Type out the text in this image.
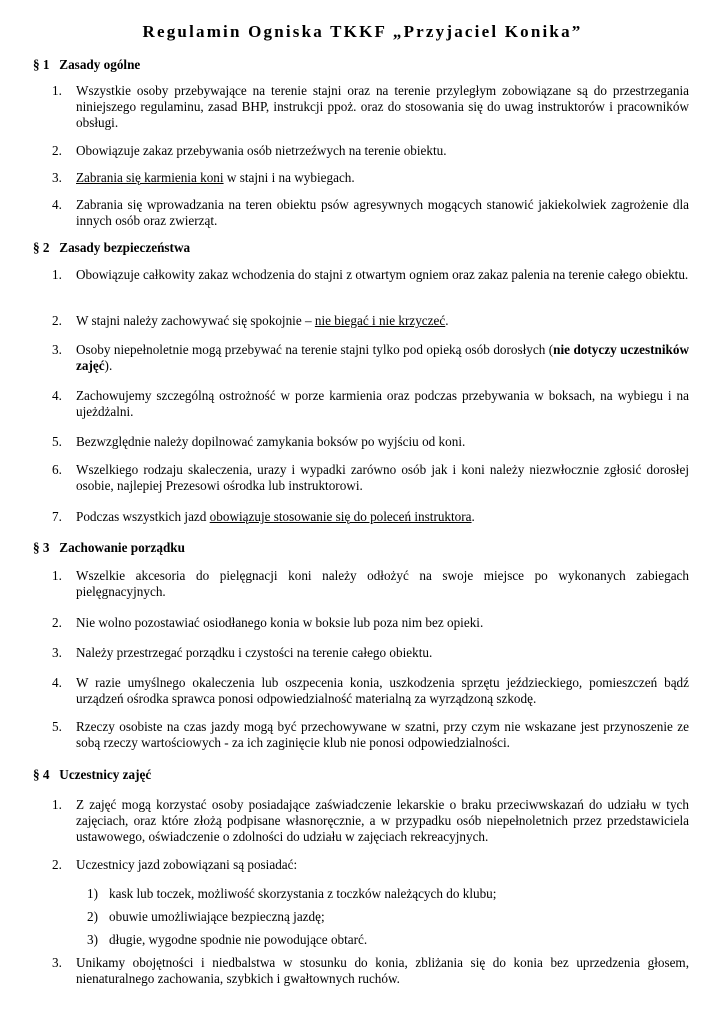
Regulamin Ogniska TKKF „Przyjaciel Konika”
§ 1 Zasady ogólne
1. Wszystkie osoby przebywające na terenie stajni oraz na terenie przyległym zobowiązane są do przestrzegania niniejszego regulaminu, zasad BHP, instrukcji ppoż. oraz do stosowania się do uwag instruktorów i pracowników obsługi.
2. Obowiązuje zakaz przebywania osób nietrzeźwych na terenie obiektu.
3. Zabrania się karmienia koni w stajni i na wybiegach.
4. Zabrania się wprowadzania na teren obiektu psów agresywnych mogących stanowić jakiekolwiek zagrożenie dla innych osób oraz zwierząt.
§ 2 Zasady bezpieczeństwa
1. Obowiązuje całkowity zakaz wchodzenia do stajni z otwartym ogniem oraz zakaz palenia na terenie całego obiektu.
2. W stajni należy zachowywać się spokojnie – nie biegać i nie krzyczeć.
3. Osoby niepełnoletnie mogą przebywać na terenie stajni tylko pod opieką osób dorosłych (nie dotyczy uczestników zajęć).
4. Zachowujemy szczególną ostrożność w porze karmienia oraz podczas przebywania w boksach, na wybiegu i na ujeżdżalni.
5. Bezwzględnie należy dopilnować zamykania boksów po wyjściu od koni.
6. Wszelkiego rodzaju skaleczenia, urazy i wypadki zarówno osób jak i koni należy niezwłocznie zgłosić dorosłej osobie, najlepiej Prezesowi ośrodka lub instruktorowi.
7. Podczas wszystkich jazd obowiązuje stosowanie się do poleceń instruktora.
§ 3 Zachowanie porządku
1. Wszelkie akcesoria do pielęgnacji koni należy odłożyć na swoje miejsce po wykonanych zabiegach pielęgnacyjnych.
2. Nie wolno pozostawiać osiodłanego konia w boksie lub poza nim bez opieki.
3. Należy przestrzegać porządku i czystości na terenie całego obiektu.
4. W razie umyślnego okaleczenia lub oszpecenia konia, uszkodzenia sprzętu jeździeckiego, pomieszczeń bądź urządzeń ośrodka sprawca ponosi odpowiedzialność materialną za wyrządzoną szkodę.
5. Rzeczy osobiste na czas jazdy mogą być przechowywane w szatni, przy czym nie wskazane jest przynoszenie ze sobą rzeczy wartościowych - za ich zaginięcie klub nie ponosi odpowiedzialności.
§ 4 Uczestnicy zajęć
1. Z zajęć mogą korzystać osoby posiadające zaświadczenie lekarskie o braku przeciwwskazań do udziału w tych zajęciach, oraz które złożą podpisane własnoręcznie, a w przypadku osób niepełnoletnich przez przedstawiciela ustawowego, oświadczenie o zdolności do udziału w zajęciach rekreacyjnych.
2. Uczestnicy jazd zobowiązani są posiadać:
1) kask lub toczek, możliwość skorzystania z toczków należących do klubu;
2) obuwie umożliwiające bezpieczną jazdę;
3) długie, wygodne spodnie nie powodujące obtarć.
3. Unikamy obojętności i niedbalstwa w stosunku do konia, zbliżania się do konia bez uprzedzenia głosem, nienaturalnego zachowania, szybkich i gwałtownych ruchów.
